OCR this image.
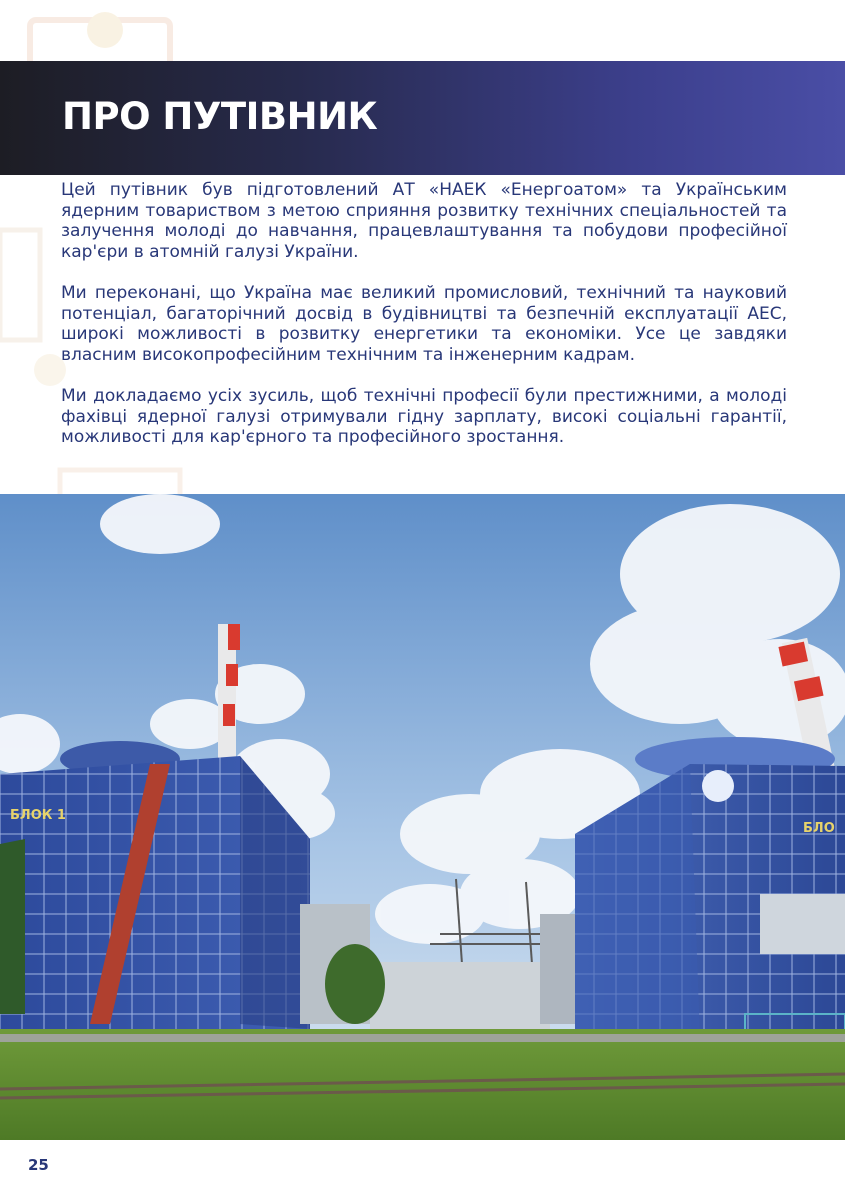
ПРО ПУТІВНИК

Цей путівник був підготовлений АТ «НАЕК «Енергоатом» та Українським ядерним товариством з метою сприяння розвитку технічних спеціальностей та залучення молоді до навчання, працевлаштування та побудови професійної кар'єри в атомній галузі України.

Ми переконані, що Україна має великий промисловий, технічний та науковий потенціал, багаторічний досвід в будівництві та безпечній експлуатації АЕС, широкі можливості в розвитку енергетики та економіки. Усе це завдяки власним високопрофесійним технічним та інженерним кадрам.

Ми докладаємо усіх зусиль, щоб технічні професії були престижними, а молоді фахівці ядерної галузі отримували гідну зарплату, високі соціальні гарантії, можливості для кар'єрного та професійного зростання.

БЛОК 1
БЛО
25
